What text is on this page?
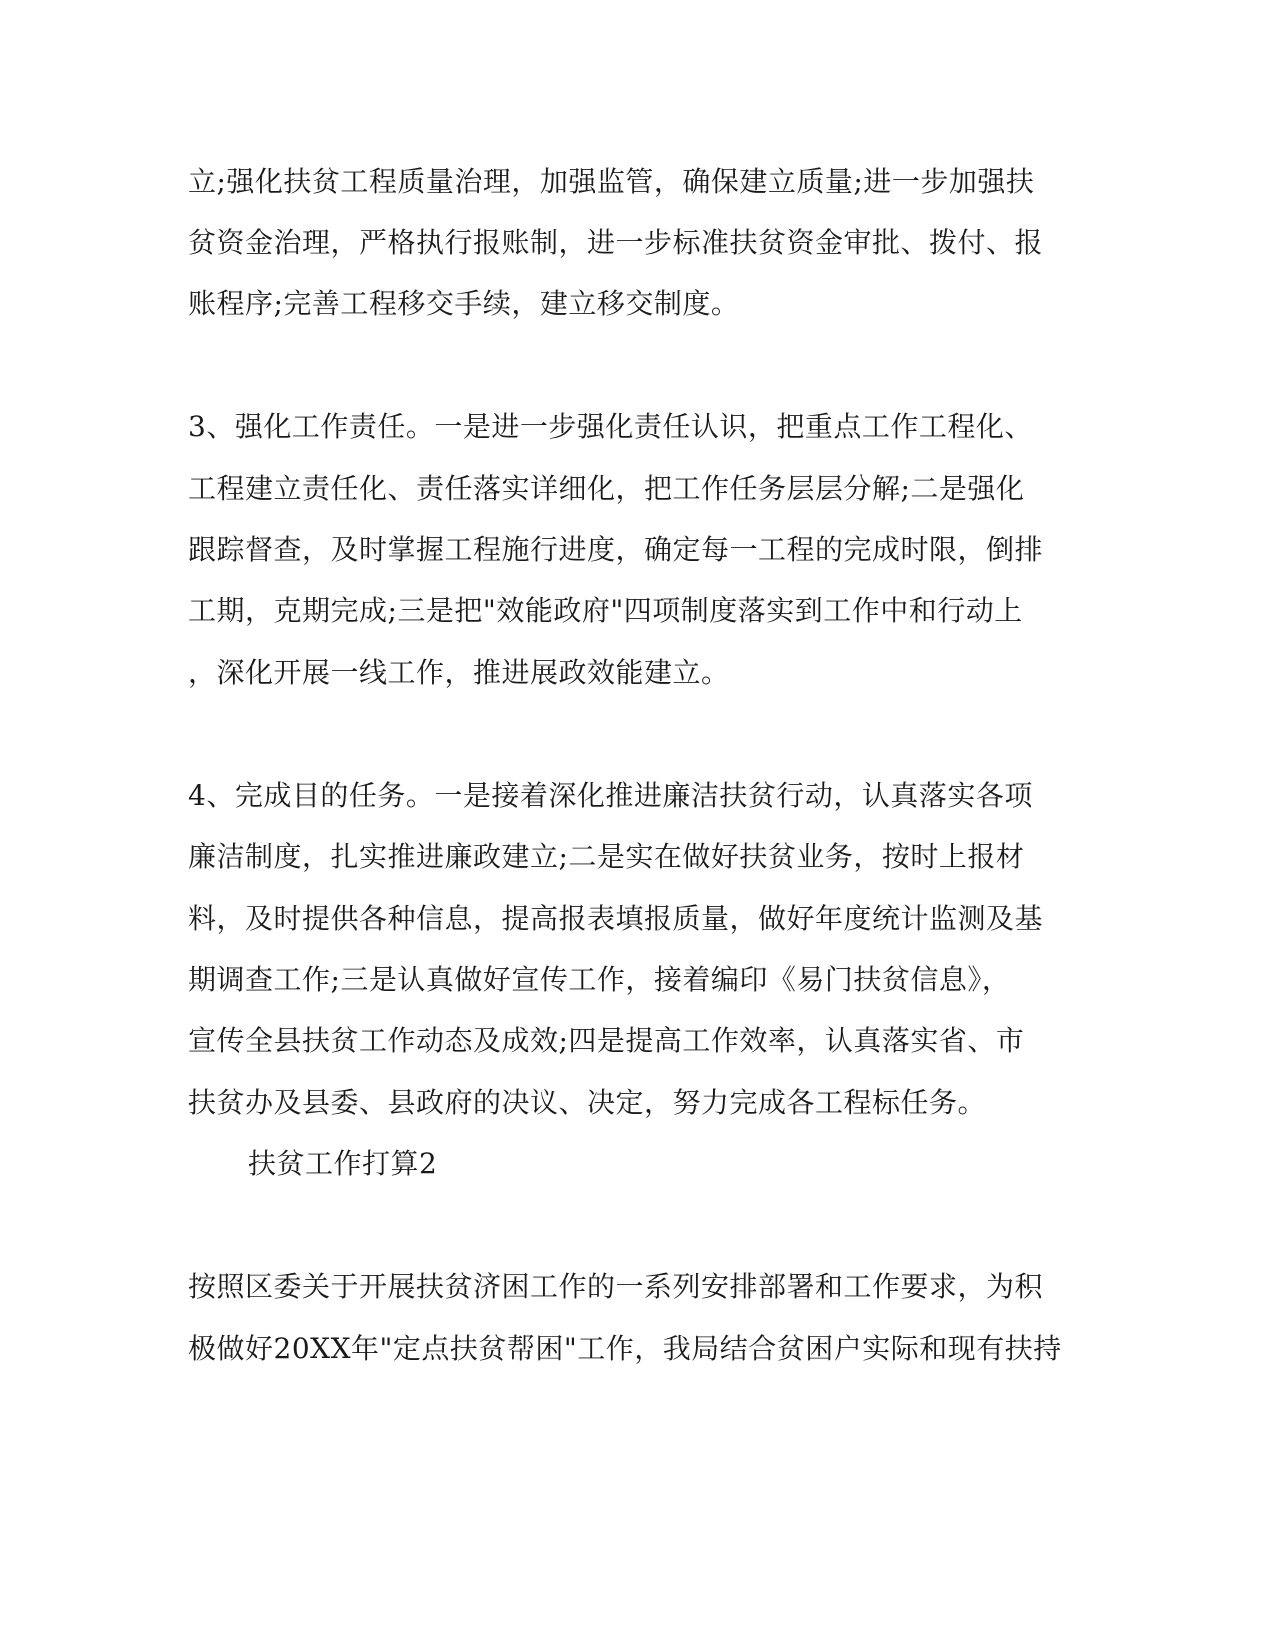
立;强化扶贫工程质量治理，加强监管，确保建立质量;进一步加强扶
贫资金治理，严格执行报账制，进一步标准扶贫资金审批、拨付、报
账程序;完善工程移交手续，建立移交制度。
3、强化工作责任。一是进一步强化责任认识，把重点工作工程化、
工程建立责任化、责任落实详细化，把工作任务层层分解;二是强化
跟踪督查，及时掌握工程施行进度，确定每一工程的完成时限，倒排
工期，克期完成;三是把"效能政府"四项制度落实到工作中和行动上
，深化开展一线工作，推进展政效能建立。
4、完成目的任务。一是接着深化推进廉洁扶贫行动，认真落实各项
廉洁制度，扎实推进廉政建立;二是实在做好扶贫业务，按时上报材
料，及时提供各种信息，提高报表填报质量，做好年度统计监测及基
期调查工作;三是认真做好宣传工作，接着编印《易门扶贫信息》，
宣传全县扶贫工作动态及成效;四是提高工作效率，认真落实省、市
扶贫办及县委、县政府的决议、决定，努力完成各工程标任务。
扶贫工作打算2
按照区委关于开展扶贫济困工作的一系列安排部署和工作要求，为积
极做好20XX年"定点扶贫帮困"工作，我局结合贫困户实际和现有扶持
